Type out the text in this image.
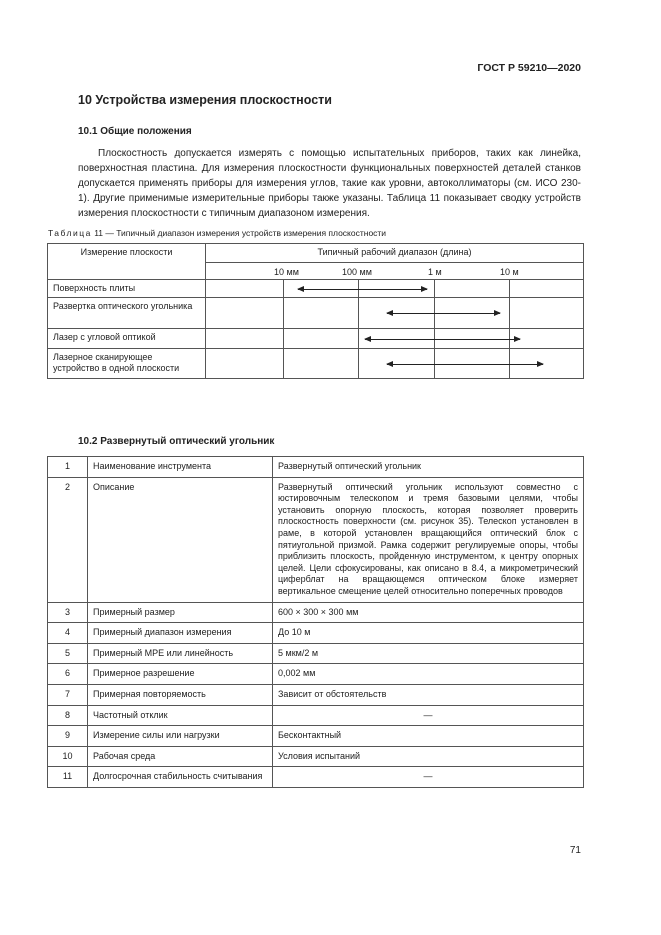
ГОСТ Р 59210—2020
10 Устройства измерения плоскостности
10.1 Общие положения
Плоскостность допускается измерять с помощью испытательных приборов, таких как линейка, поверхностная пластина. Для измерения плоскостности функциональных поверхностей деталей станков допускается применять приборы для измерения углов, такие как уровни, автоколлиматоры (см. ИСО 230-1). Другие применимые измерительные приборы также указаны. Таблица 11 показывает сводку устройств измерения плоскостности с типичным диапазоном измерения.
Таблица 11 — Типичный диапазон измерения устройств измерения плоскостности
Измерение плоскости	Типичный рабочий диапазон (длина)

	10 мм 100 мм 1 м 10 м

Поверхность плиты	

Развертка оптического угольника	

Лазер с угловой оптикой	

Лазерное сканирующее устройство в одной плоскости	
10.2 Развернутый оптический угольник
1	Наименование инструмента	Развернутый оптический угольник
2	Описание	Развернутый оптический угольник используют совместно с юстировочным телескопом и тремя базовыми целями, чтобы установить опорную плоскость, которая позволяет проверить плоскостность поверхности (см. рисунок 35). Телескоп установлен в раме, в которой установлен вращающийся оптический блок с пятиугольной призмой. Рамка содержит регулируемые опоры, чтобы приблизить плоскость, пройденную инструментом, к центру опорных целей. Цели сфокусированы, как описано в 8.4, а микрометрический циферблат на вращающемся оптическом блоке измеряет вертикальное смещение целей относительно поперечных проводов
3	Примерный размер	600 × 300 × 300 мм
4	Примерный диапазон измерения	До 10 м
5	Примерный МРЕ или линейность	5 мкм/2 м
6	Примерное разрешение	0,002 мм
7	Примерная повторяемость	Зависит от обстоятельств
8	Частотный отклик	—
9	Измерение силы или нагрузки	Бесконтактный
10	Рабочая среда	Условия испытаний
11	Долгосрочная стабильность считывания	—
71
